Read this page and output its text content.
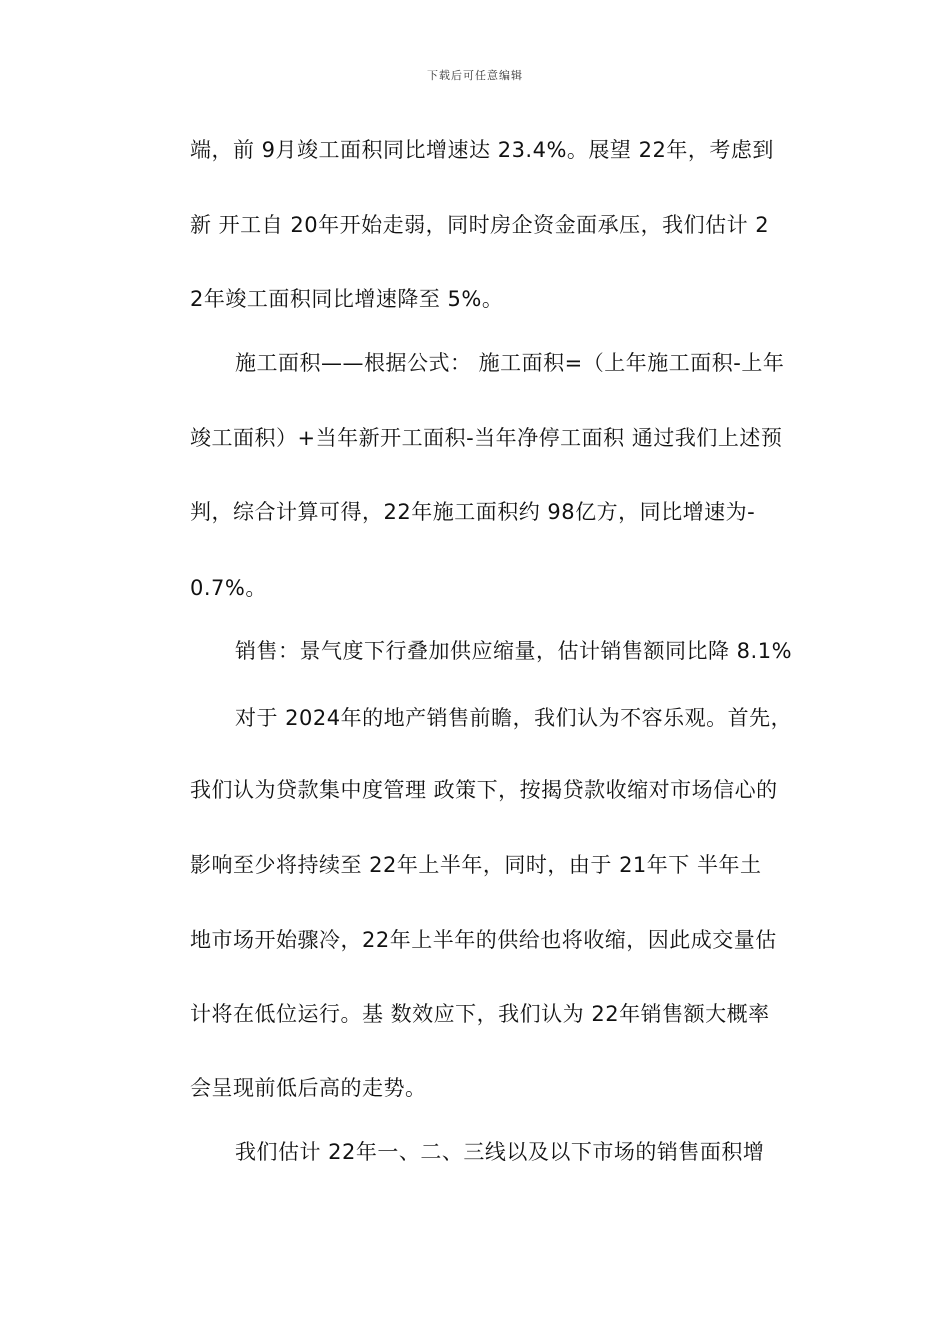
下载后可任意编辑
端，前 9月竣工面积同比增速达 23.4%。展望 22年，考虑到
新 开工自 20年开始走弱，同时房企资金面承压，我们估计 2
2年竣工面积同比增速降至 5%。
施工面积——根据公式： 施工面积=（上年施工面积-上年
竣工面积）+当年新开工面积-当年净停工面积 通过我们上述预
判，综合计算可得，22年施工面积约 98亿方，同比增速为-
0.7%。
销售：景气度下行叠加供应缩量，估计销售额同比降 8.1%
对于 2024年的地产销售前瞻，我们认为不容乐观。首先，
我们认为贷款集中度管理 政策下，按揭贷款收缩对市场信心的
影响至少将持续至 22年上半年，同时，由于 21年下 半年土
地市场开始骤冷，22年上半年的供给也将收缩，因此成交量估
计将在低位运行。基 数效应下，我们认为 22年销售额大概率
会呈现前低后高的走势。
我们估计 22年一、二、三线以及以下市场的销售面积增
